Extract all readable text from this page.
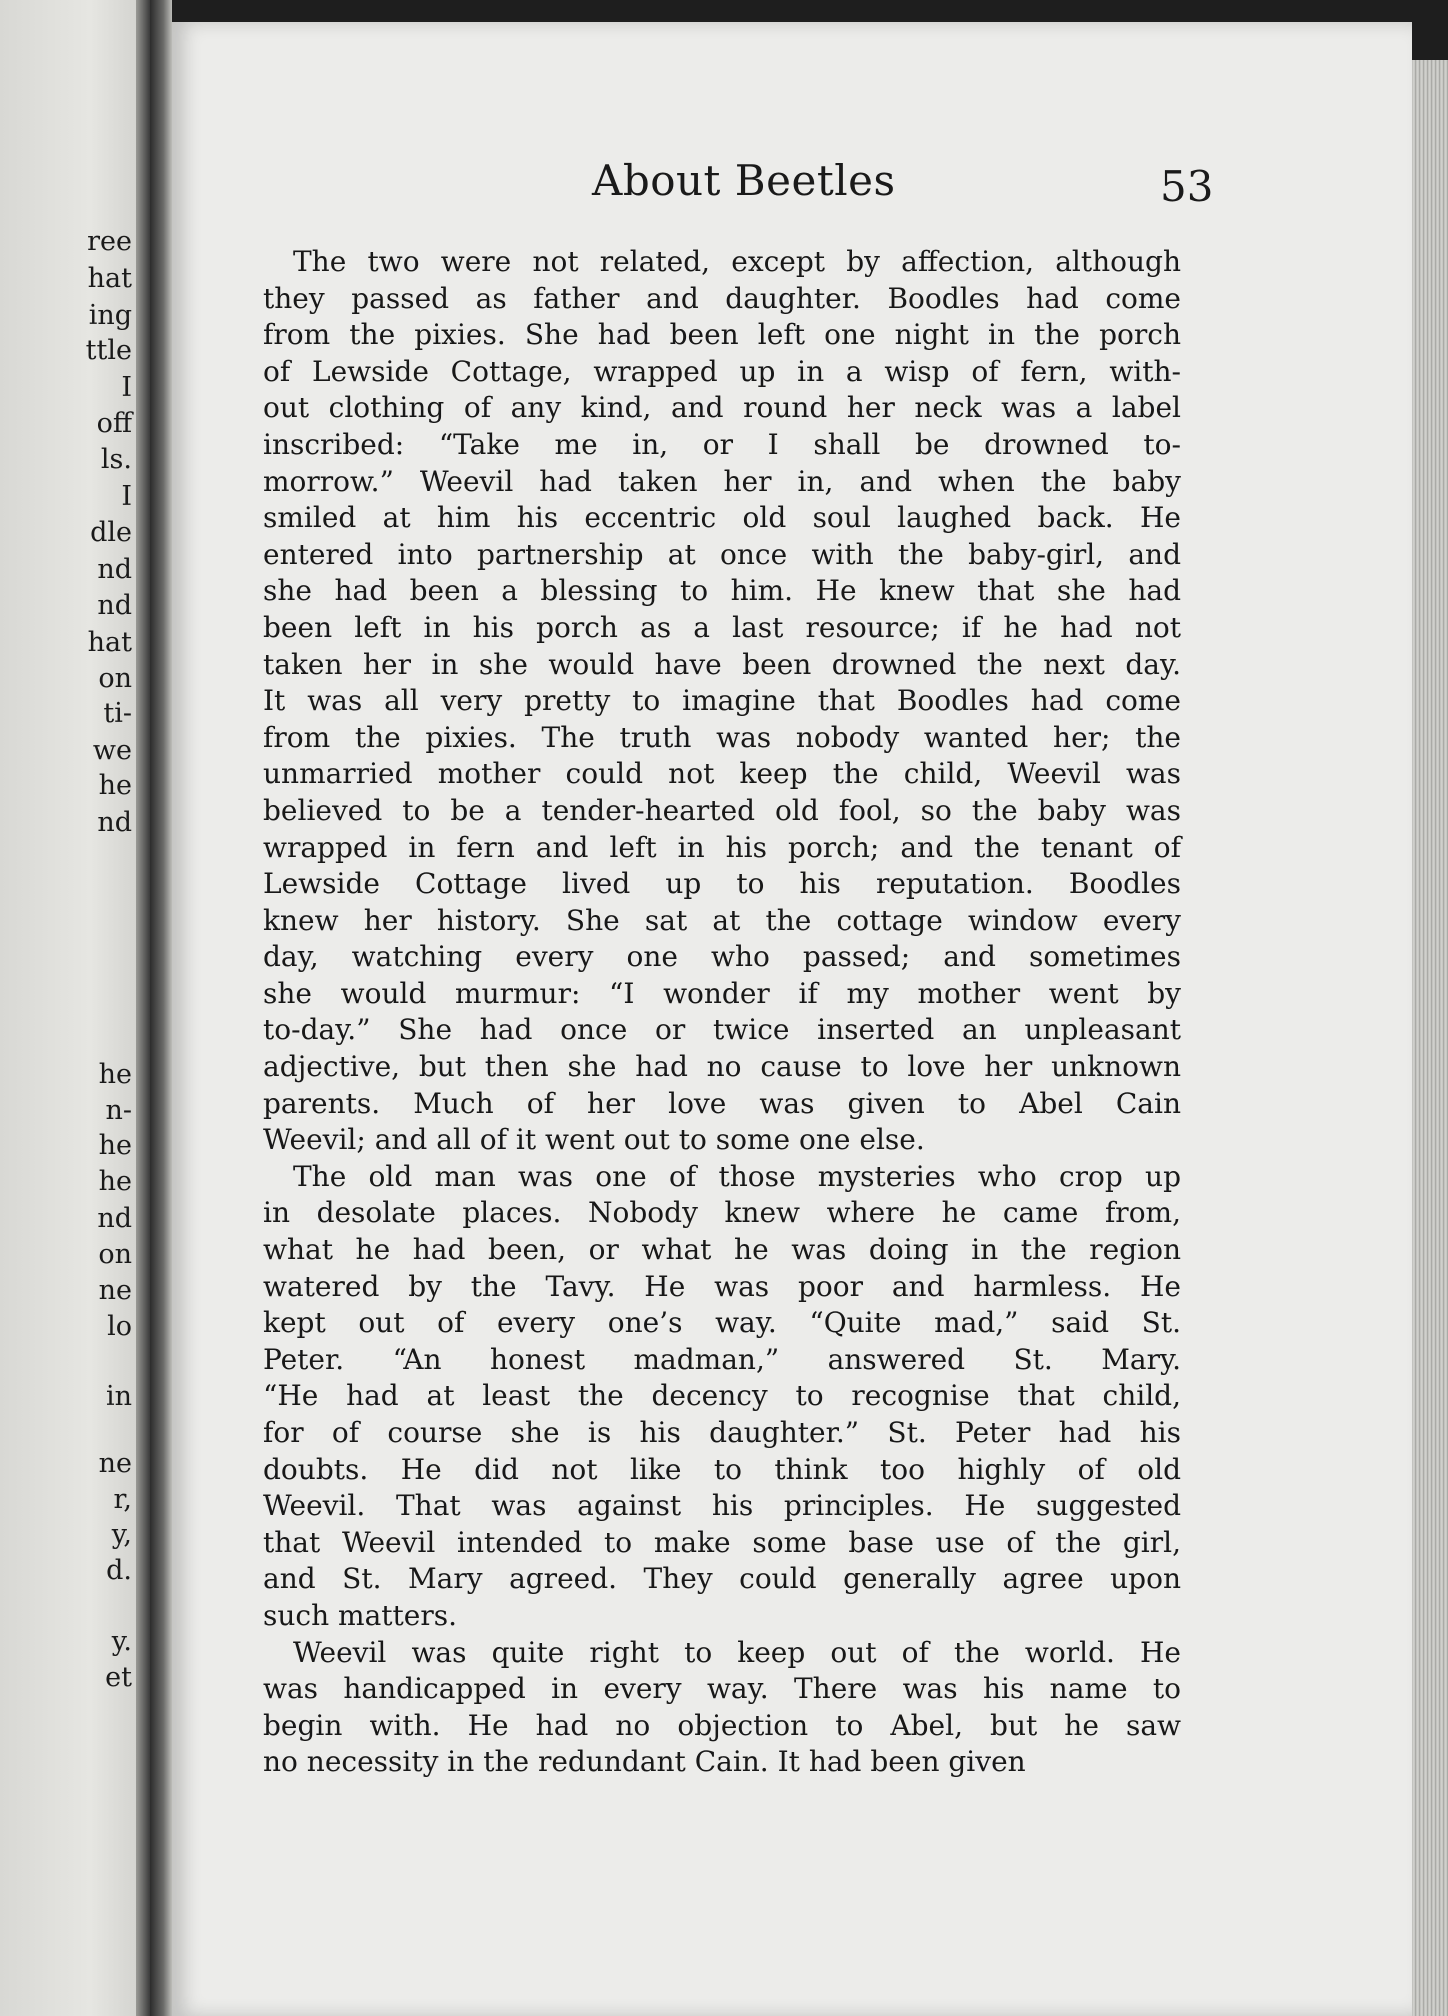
ree
hat
ing
ttle
I
off
ls.
I
dle
nd
nd
hat
on
ti-
we
he
nd
he
n-
he
he
nd
on
ne
lo
in
ne
r,
y,
d.
y.
et
About Beetles	53
The two were not related, except by affection, although
they passed as father and daughter. Boodles had come
from the pixies. She had been left one night in the porch
of Lewside Cottage, wrapped up in a wisp of fern, with-
out clothing of any kind, and round her neck was a label
inscribed: “Take me in, or I shall be drowned to-
morrow.” Weevil had taken her in, and when the baby
smiled at him his eccentric old soul laughed back. He
entered into partnership at once with the baby-girl, and
she had been a blessing to him. He knew that she had
been left in his porch as a last resource; if he had not
taken her in she would have been drowned the next day.
It was all very pretty to imagine that Boodles had come
from the pixies. The truth was nobody wanted her; the
unmarried mother could not keep the child, Weevil was
believed to be a tender-hearted old fool, so the baby was
wrapped in fern and left in his porch; and the tenant of
Lewside Cottage lived up to his reputation. Boodles
knew her history. She sat at the cottage window every
day, watching every one who passed; and sometimes
she would murmur: “I wonder if my mother went by
to-day.” She had once or twice inserted an unpleasant
adjective, but then she had no cause to love her unknown
parents. Much of her love was given to Abel Cain
Weevil; and all of it went out to some one else.
The old man was one of those mysteries who crop up
in desolate places. Nobody knew where he came from,
what he had been, or what he was doing in the region
watered by the Tavy. He was poor and harmless. He
kept out of every one’s way. “Quite mad,” said St.
Peter. “An honest madman,” answered St. Mary.
“He had at least the decency to recognise that child,
for of course she is his daughter.” St. Peter had his
doubts. He did not like to think too highly of old
Weevil. That was against his principles. He suggested
that Weevil intended to make some base use of the girl,
and St. Mary agreed. They could generally agree upon
such matters.
Weevil was quite right to keep out of the world. He
was handicapped in every way. There was his name to
begin with. He had no objection to Abel, but he saw
no necessity in the redundant Cain. It had been given
